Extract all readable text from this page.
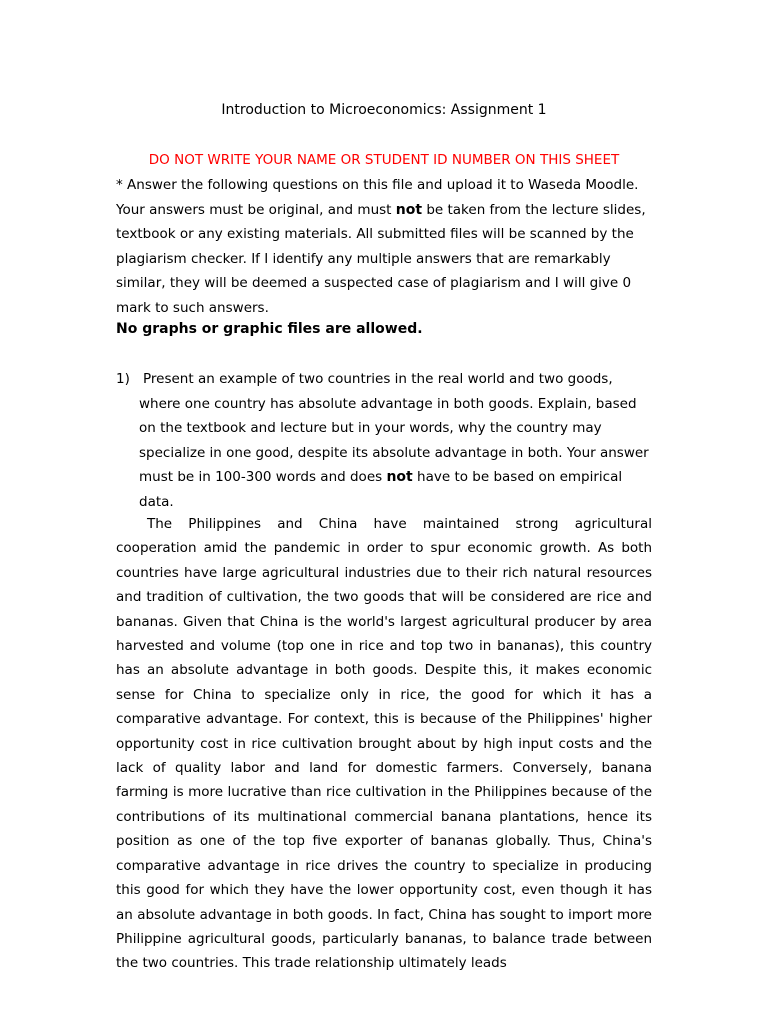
Introduction to Microeconomics: Assignment 1
DO NOT WRITE YOUR NAME OR STUDENT ID NUMBER ON THIS SHEET
* Answer the following questions on this file and upload it to Waseda Moodle. Your answers must be original, and must not be taken from the lecture slides, textbook or any existing materials. All submitted files will be scanned by the plagiarism checker. If I identify any multiple answers that are remarkably similar, they will be deemed a suspected case of plagiarism and I will give 0 mark to such answers.
No graphs or graphic files are allowed.
1) Present an example of two countries in the real world and two goods, where one country has absolute advantage in both goods. Explain, based on the textbook and lecture but in your words, why the country may specialize in one good, despite its absolute advantage in both. Your answer must be in 100-300 words and does not have to be based on empirical data.
The Philippines and China have maintained strong agricultural cooperation amid the pandemic in order to spur economic growth. As both countries have large agricultural industries due to their rich natural resources and tradition of cultivation, the two goods that will be considered are rice and bananas. Given that China is the world's largest agricultural producer by area harvested and volume (top one in rice and top two in bananas), this country has an absolute advantage in both goods. Despite this, it makes economic sense for China to specialize only in rice, the good for which it has a comparative advantage. For context, this is because of the Philippines' higher opportunity cost in rice cultivation brought about by high input costs and the lack of quality labor and land for domestic farmers. Conversely, banana farming is more lucrative than rice cultivation in the Philippines because of the contributions of its multinational commercial banana plantations, hence its position as one of the top five exporter of bananas globally. Thus, China's comparative advantage in rice drives the country to specialize in producing this good for which they have the lower opportunity cost, even though it has an absolute advantage in both goods. In fact, China has sought to import more Philippine agricultural goods, particularly bananas, to balance trade between the two countries. This trade relationship ultimately leads
